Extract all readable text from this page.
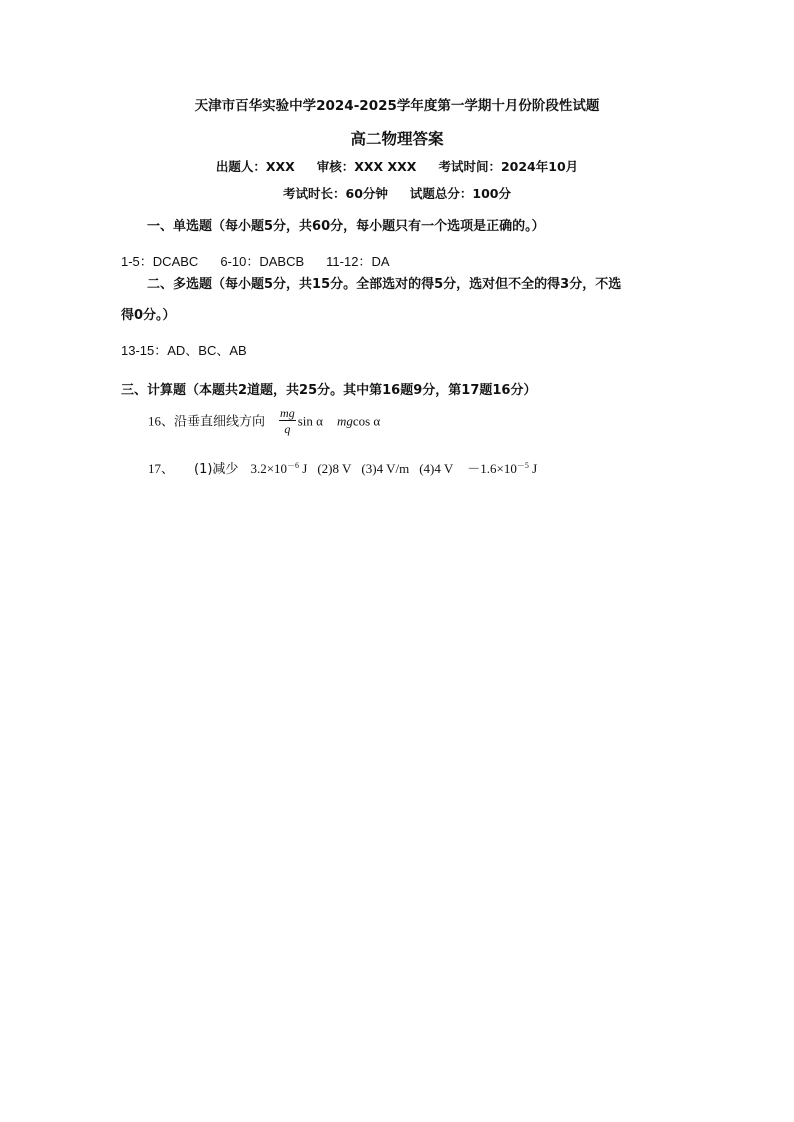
天津市百华实验中学2024-2025学年度第一学期十月份阶段性试题
高二物理答案
出题人：XXX 审核：XXX XXX 考试时间：2024年10月
考试时长：60分钟 试题总分：100分
一、单选题（每小题5分，共60分，每小题只有一个选项是正确的。）
1-5：DCABC 6-10：DABCB 11-12：DA
二、多选题（每小题5分，共15分。全部选对的得5分，选对但不全的得3分，不选
得0分。）
13-15：AD、BC、AB
三、计算题（本题共2道题，共25分。其中第16题9分，第17题16分）
16、沿垂直细线方向 $\frac{mg}{q}$ sin α mgcos α
17、 (1)减少 $3.2\times 10^{-6}$ J (2)8 V (3)4 V/m (4)4 $V -1.6\times 10^{-5}$ J
